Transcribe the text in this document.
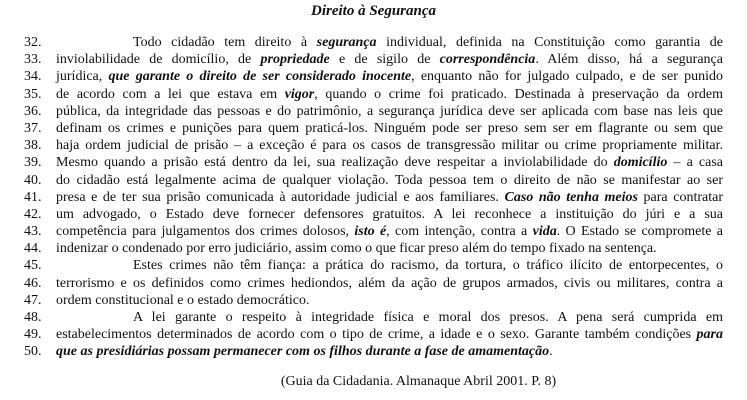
Direito à Segurança
32.	Todo cidadão tem direito à segurança individual, definida na Constituição como garantia de
33. inviolabilidade de domicílio, de propriedade e de sigilo de correspondência. Além disso, há a segurança
34. jurídica, que garante o direito de ser considerado inocente, enquanto não for julgado culpado, e de ser punido
35. de acordo com a lei que estava em vigor, quando o crime foi praticado. Destinada à preservação da ordem
36. pública, da integridade das pessoas e do patrimônio, a segurança jurídica deve ser aplicada com base nas leis que
37. definam os crimes e punições para quem praticá-los. Ninguém pode ser preso sem ser em flagrante ou sem que
38. haja ordem judicial de prisão – a exceção é para os casos de transgressão militar ou crime propriamente militar.
39. Mesmo quando a prisão está dentro da lei, sua realização deve respeitar a inviolabilidade do domicílio – a casa
40. do cidadão está legalmente acima de qualquer violação. Toda pessoa tem o direito de não se manifestar ao ser
41. presa e de ter sua prisão comunicada à autoridade judicial e aos familiares. Caso não tenha meios para contratar
42. um advogado, o Estado deve fornecer defensores gratuitos. A lei reconhece a instituição do júri e a sua
43. competência para julgamentos dos crimes dolosos, isto é, com intenção, contra a vida. O Estado se compromete a
44. indenizar o condenado por erro judiciário, assim como o que ficar preso além do tempo fixado na sentença.
45.	Estes crimes não têm fiança: a prática do racismo, da tortura, o tráfico ilícito de entorpecentes, o
46. terrorismo e os definidos como crimes hediondos, além da ação de grupos armados, civis ou militares, contra a
47. ordem constitucional e o estado democrático.
48.	A lei garante o respeito à integridade física e moral dos presos. A pena será cumprida em
49. estabelecimentos determinados de acordo com o tipo de crime, a idade e o sexo. Garante também condições para
50. que as presidiárias possam permanecer com os filhos durante a fase de amamentação.
(Guia da Cidadania. Almanaque Abril 2001. P. 8)
